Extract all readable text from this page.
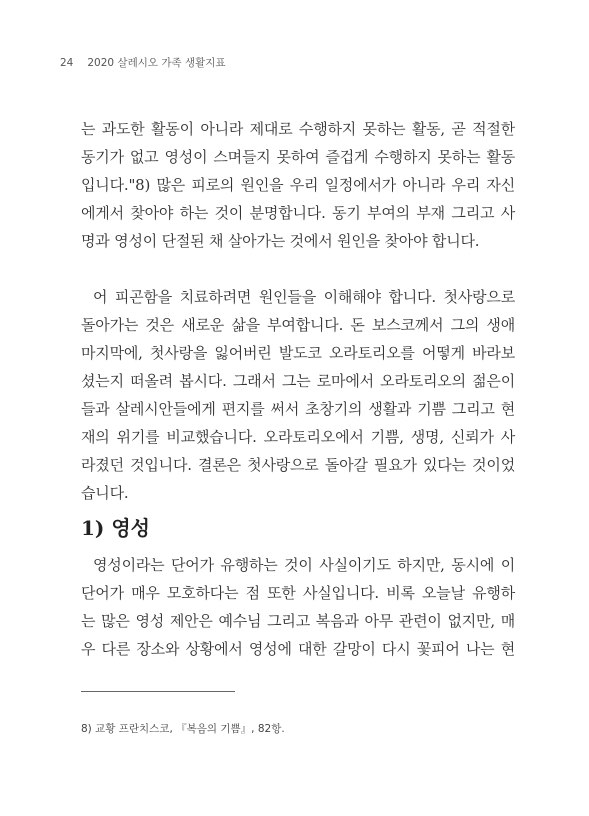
24 2020 살레시오 가족 생활지표
는 과도한 활동이 아니라 제대로 수행하지 못하는 활동, 곧 적절한
동기가 없고 영성이 스며들지 못하여 즐겁게 수행하지 못하는 활동
입니다."8) 많은 피로의 원인을 우리 일정에서가 아니라 우리 자신
에게서 찾아야 하는 것이 분명합니다. 동기 부여의 부재 그리고 사
명과 영성이 단절된 채 살아가는 것에서 원인을 찾아야 합니다.
어 피곤함을 치료하려면 원인들을 이해해야 합니다. 첫사랑으로
돌아가는 것은 새로운 삶을 부여합니다. 돈 보스코께서 그의 생애
마지막에, 첫사랑을 잃어버린 발도코 오라토리오를 어떻게 바라보
셨는지 떠올려 봅시다. 그래서 그는 로마에서 오라토리오의 젊은이
들과 살레시안들에게 편지를 써서 초창기의 생활과 기쁨 그리고 현
재의 위기를 비교했습니다. 오라토리오에서 기쁨, 생명, 신뢰가 사
라졌던 것입니다. 결론은 첫사랑으로 돌아갈 필요가 있다는 것이었
습니다.
1) 영성
영성이라는 단어가 유행하는 것이 사실이기도 하지만, 동시에 이
단어가 매우 모호하다는 점 또한 사실입니다. 비록 오늘날 유행하
는 많은 영성 제안은 예수님 그리고 복음과 아무 관련이 없지만, 매
우 다른 장소와 상황에서 영성에 대한 갈망이 다시 꽃피어 나는 현
8) 교황 프란치스코, 『복음의 기쁨』, 82항.
